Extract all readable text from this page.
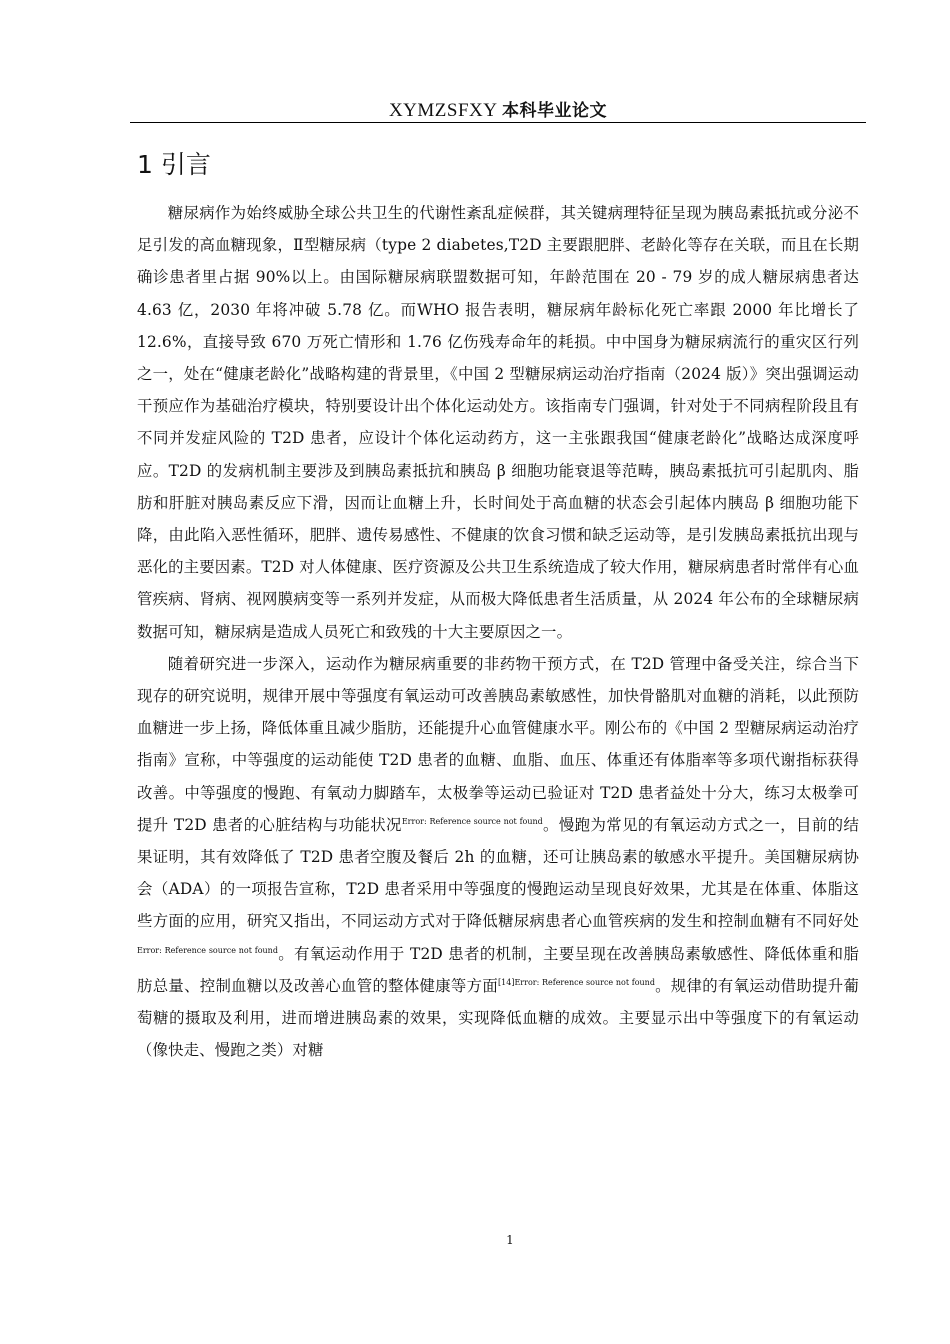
XYMZSFXY 本科毕业论文
1 引言

糖尿病作为始终威胁全球公共卫生的代谢性紊乱症候群，其关键病理特征呈现为胰岛素抵抗或分泌不足引发的高血糖现象，Ⅱ型糖尿病（type 2 diabetes,T2D 主要跟肥胖、老龄化等存在关联，而且在长期确诊患者里占据 90%以上。由国际糖尿病联盟数据可知，年龄范围在 20 - 79 岁的成人糖尿病患者达 4.63 亿，2030 年将冲破 5.78 亿。而WHO 报告表明，糖尿病年龄标化死亡率跟 2000 年比增长了 12.6%，直接导致 670 万死亡情形和 1.76 亿伤残寿命年的耗损。中中国身为糖尿病流行的重灾区行列之一，处在“健康老龄化”战略构建的背景里，《中国 2 型糖尿病运动治疗指南（2024 版）》突出强调运动干预应作为基础治疗模块，特别要设计出个体化运动处方。该指南专门强调，针对处于不同病程阶段且有不同并发症风险的 T2D 患者，应设计个体化运动药方，这一主张跟我国“健康老龄化”战略达成深度呼应。T2D 的发病机制主要涉及到胰岛素抵抗和胰岛 β 细胞功能衰退等范畴，胰岛素抵抗可引起肌肉、脂肪和肝脏对胰岛素反应下滑，因而让血糖上升，长时间处于高血糖的状态会引起体内胰岛 β 细胞功能下降，由此陷入恶性循环，肥胖、遗传易感性、不健康的饮食习惯和缺乏运动等，是引发胰岛素抵抗出现与恶化的主要因素。T2D 对人体健康、医疗资源及公共卫生系统造成了较大作用，糖尿病患者时常伴有心血管疾病、肾病、视网膜病变等一系列并发症，从而极大降低患者生活质量，从 2024 年公布的全球糖尿病数据可知，糖尿病是造成人员死亡和致残的十大主要原因之一。

随着研究进一步深入，运动作为糖尿病重要的非药物干预方式，在 T2D 管理中备受关注，综合当下现存的研究说明，规律开展中等强度有氧运动可改善胰岛素敏感性，加快骨骼肌对血糖的消耗，以此预防血糖进一步上扬，降低体重且减少脂肪，还能提升心血管健康水平。刚公布的《中国 2 型糖尿病运动治疗指南》宣称，中等强度的运动能使 T2D 患者的血糖、血脂、血压、体重还有体脂率等多项代谢指标获得改善。中等强度的慢跑、有氧动力脚踏车，太极拳等运动已验证对 T2D 患者益处十分大，练习太极拳可提升 T2D 患者的心脏结构与功能状况$^{Error: Reference source not found}$。慢跑为常见的有氧运动方式之一，目前的结果证明，其有效降低了 T2D 患者空腹及餐后 2h 的血糖，还可让胰岛素的敏感水平提升。美国糖尿病协会（ADA）的一项报告宣称，T2D 患者采用中等强度的慢跑运动呈现良好效果，尤其是在体重、体脂这些方面的应用，研究又指出，不同运动方式对于降低糖尿病患者心血管疾病的发生和控制血糖有不同好处$^{Error: Reference source not found}$。有氧运动作用于 T2D 患者的机制，主要呈现在改善胰岛素敏感性、降低体重和脂肪总量、控制血糖以及改善心血管的整体健康等方面$^{[14]Error: Reference source not found}$。规律的有氧运动借助提升葡萄糖的摄取及利用，进而增进胰岛素的效果，实现降低血糖的成效。主要显示出中等强度下的有氧运动（像快走、慢跑之类）对糖

1
